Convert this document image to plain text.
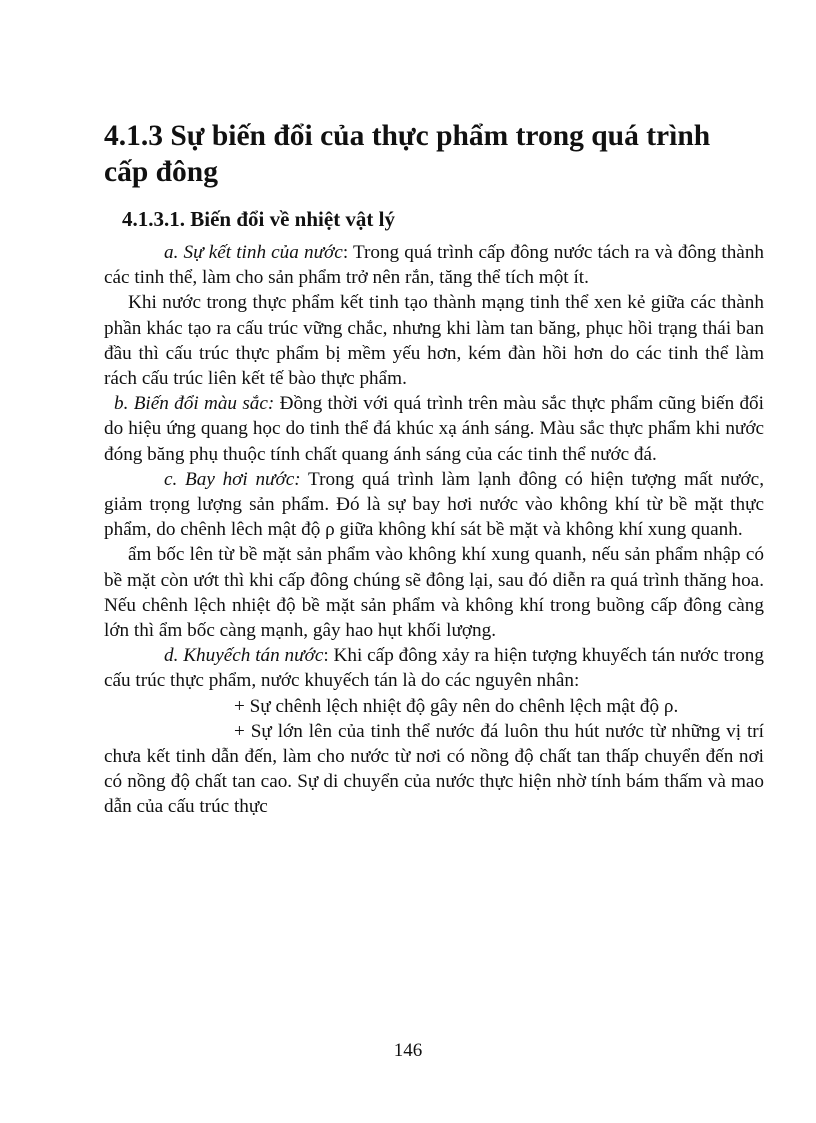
4.1.3 Sự biến đổi của thực phẩm trong quá trình cấp đông
4.1.3.1. Biến đổi về nhiệt vật lý

a. Sự kết tinh của nước: Trong quá trình cấp đông nước tách ra và đông thành các tinh thể, làm cho sản phẩm trở nên rắn, tăng thể tích một ít.

Khi nước trong thực phẩm kết tinh tạo thành mạng tinh thể xen kẻ giữa các thành phần khác tạo ra cấu trúc vững chắc, nhưng khi làm tan băng, phục hồi trạng thái ban đầu thì cấu trúc thực phẩm bị mềm yếu hơn, kém đàn hồi hơn do các tinh thể làm rách cấu trúc liên kết tế bào thực phẩm.

b. Biến đổi màu sắc: Đồng thời với quá trình trên màu sắc thực phẩm cũng biến đổi do hiệu ứng quang học do tinh thể đá khúc xạ ánh sáng. Màu sắc thực phẩm khi nước đóng băng phụ thuộc tính chất quang ánh sáng của các tinh thể nước đá.

c. Bay hơi nước: Trong quá trình làm lạnh đông có hiện tượng mất nước, giảm trọng lượng sản phẩm. Đó là sự bay hơi nước vào không khí từ bề mặt thực phẩm, do chênh lêch mật độ ρ giữa không khí sát bề mặt và không khí xung quanh.

ẩm bốc lên từ bề mặt sản phẩm vào không khí xung quanh, nếu sản phẩm nhập có bề mặt còn ướt thì khi cấp đông chúng sẽ đông lại, sau đó diễn ra quá trình thăng hoa. Nếu chênh lệch nhiệt độ bề mặt sản phẩm và không khí trong buồng cấp đông càng lớn thì ẩm bốc càng mạnh, gây hao hụt khối lượng.

d. Khuyếch tán nước: Khi cấp đông xảy ra hiện tượng khuyếch tán nước trong cấu trúc thực phẩm, nước khuyếch tán là do các nguyên nhân:

+ Sự chênh lệch nhiệt độ gây nên do chênh lệch mật độ ρ.

+ Sự lớn lên của tinh thể nước đá luôn thu hút nước từ những vị trí chưa kết tinh dẫn đến, làm cho nước từ nơi có nồng độ chất tan thấp chuyển đến nơi có nồng độ chất tan cao. Sự di chuyển của nước thực hiện nhờ tính bám thấm và mao dẫn của cấu trúc thực

146
